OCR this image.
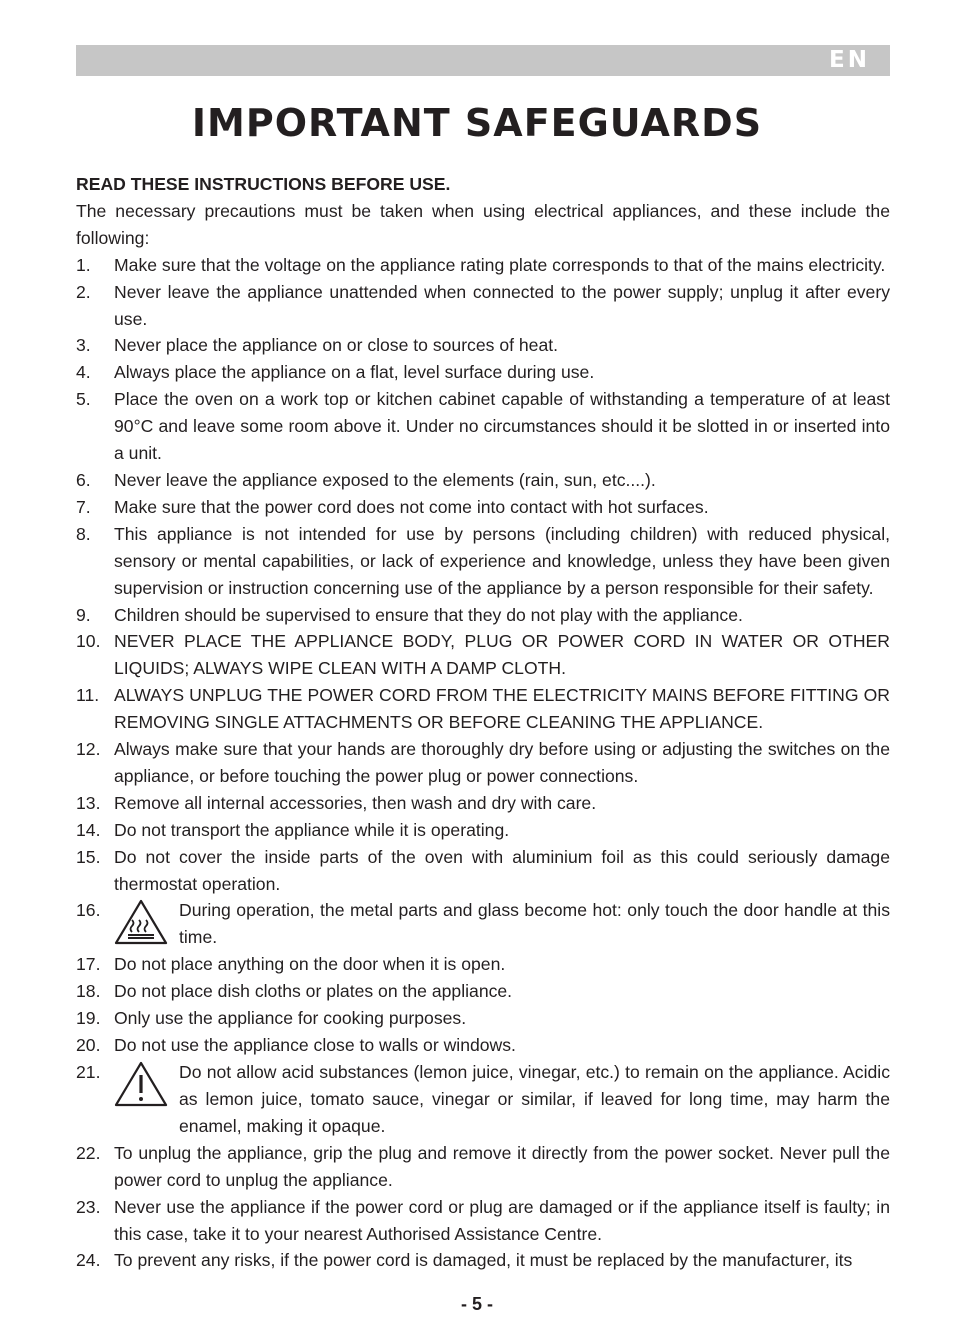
EN
IMPORTANT SAFEGUARDS
READ THESE INSTRUCTIONS BEFORE USE.
The necessary precautions must be taken when using electrical appliances, and these include the following:
1. Make sure that the voltage on the appliance rating plate corresponds to that of the mains electricity.
2. Never leave the appliance unattended when connected to the power supply; unplug it after every use.
3. Never place the appliance on or close to sources of heat.
4. Always place the appliance on a flat, level surface during use.
5. Place the oven on a work top or kitchen cabinet capable of withstanding a temperature of at least 90°C and leave some room above it. Under no circumstances should it be slotted in or inserted into a unit.
6. Never leave the appliance exposed to the elements (rain, sun, etc....).
7. Make sure that the power cord does not come into contact with hot surfaces.
8. This appliance is not intended for use by persons (including children) with reduced physical, sensory or mental capabilities, or lack of experience and knowledge, unless they have been given supervision or instruction concerning use of the appliance by a person responsible for their safety.
9. Children should be supervised to ensure that they do not play with the appliance.
10. NEVER PLACE THE APPLIANCE BODY, PLUG OR POWER CORD IN WATER OR OTHER LIQUIDS; ALWAYS WIPE CLEAN WITH A DAMP CLOTH.
11. ALWAYS UNPLUG THE POWER CORD FROM THE ELECTRICITY MAINS BEFORE FITTING OR REMOVING SINGLE ATTACHMENTS OR BEFORE CLEANING THE APPLIANCE.
12. Always make sure that your hands are thoroughly dry before using or adjusting the switches on the appliance, or before touching the power plug or power connections.
13. Remove all internal accessories, then wash and dry with care.
14. Do not transport the appliance while it is operating.
15. Do not cover the inside parts of the oven with aluminium foil as this could seriously damage thermostat operation.
16.	During operation, the metal parts and glass become hot: only touch the door handle at this time.
17. Do not place anything on the door when it is open.
18. Do not place dish cloths or plates on the appliance.
19. Only use the appliance for cooking purposes.
20. Do not use the appliance close to walls or windows.
21.	Do not allow acid substances (lemon juice, vinegar, etc.) to remain on the appliance. Acidic as lemon juice, tomato sauce, vinegar or similar, if leaved for long time, may harm the enamel, making it opaque.
22. To unplug the appliance, grip the plug and remove it directly from the power socket. Never pull the power cord to unplug the appliance.
23. Never use the appliance if the power cord or plug are damaged or if the appliance itself is faulty; in this case, take it to your nearest Authorised Assistance Centre.
24. To prevent any risks, if the power cord is damaged, it must be replaced by the manufacturer, its
- 5 -
